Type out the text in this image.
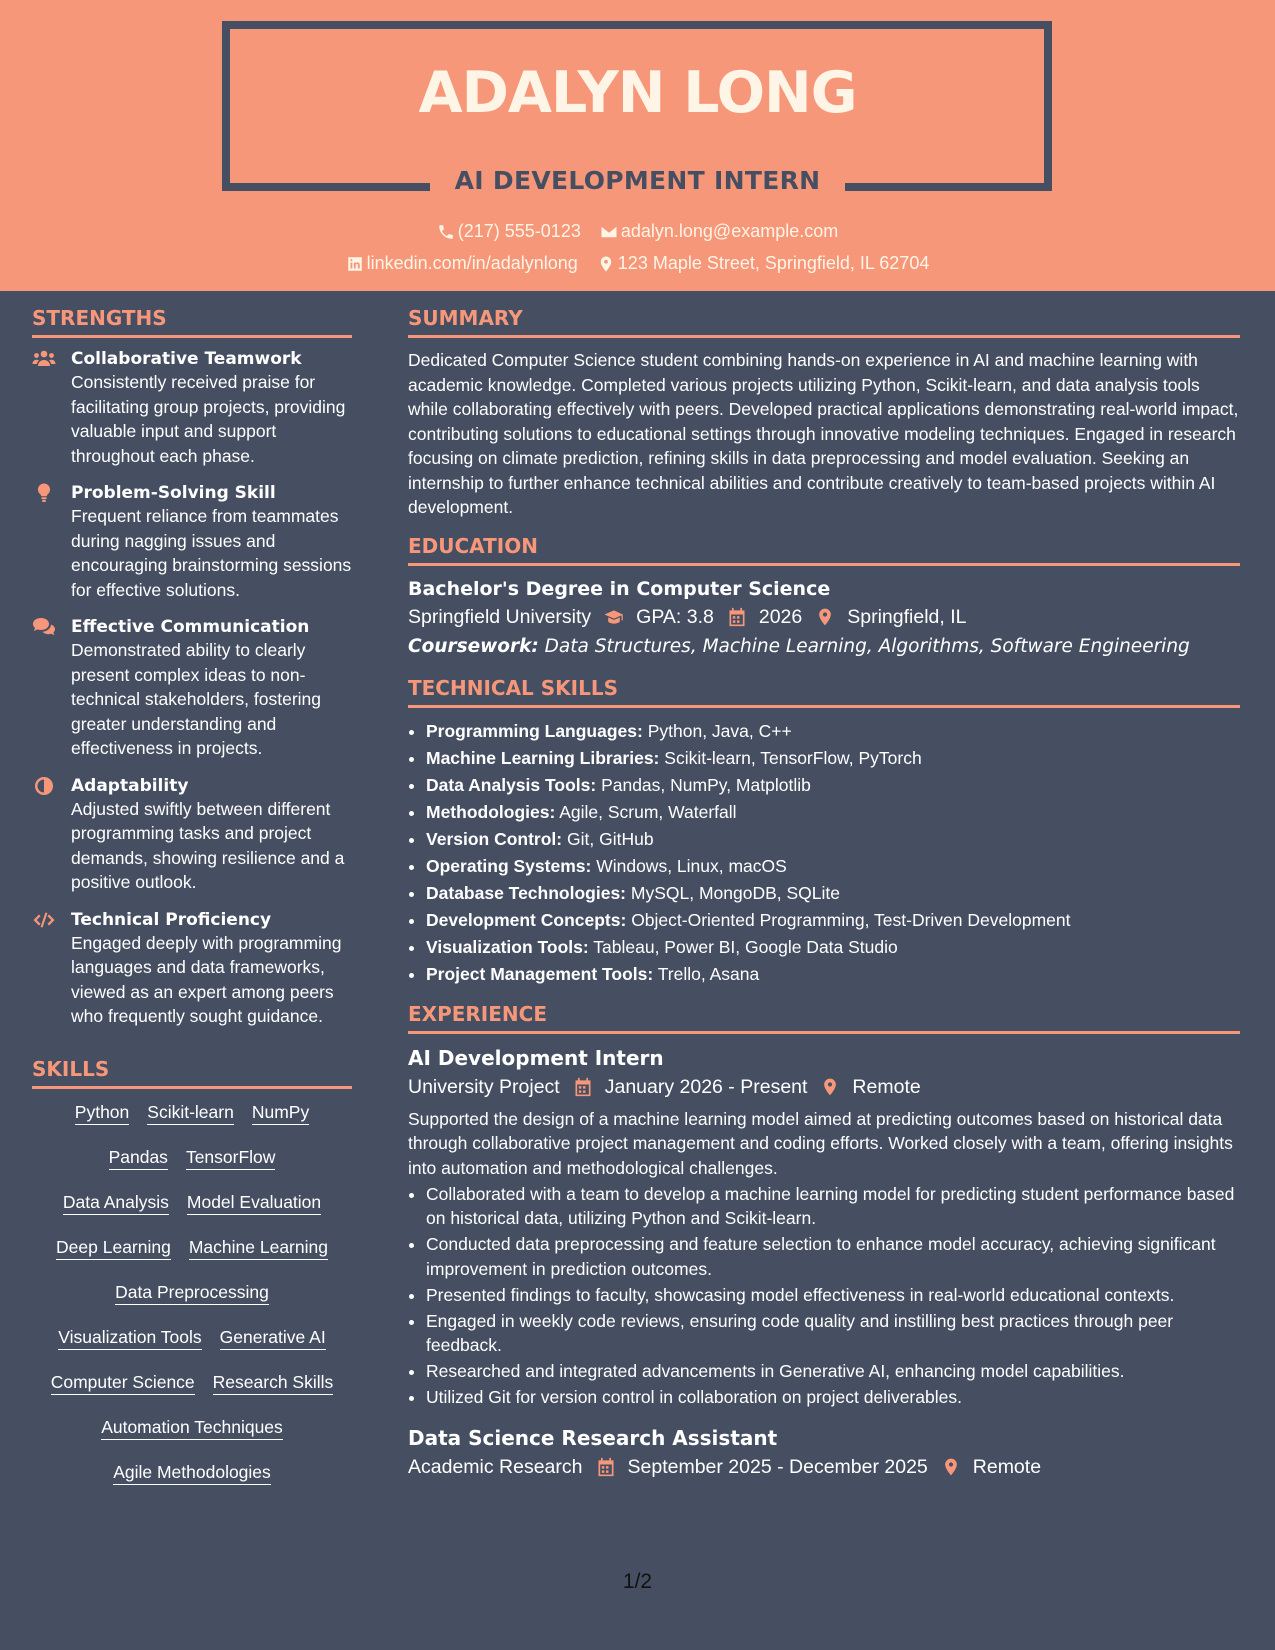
ADALYN LONG
AI DEVELOPMENT INTERN
(217) 555-0123
adalyn.long@example.com
linkedin.com/in/adalynlong
123 Maple Street, Springfield, IL 62704
STRENGTHS
Collaborative Teamwork
Consistently received praise for facilitating group projects, providing valuable input and support throughout each phase.
Problem-Solving Skill
Frequent reliance from teammates during nagging issues and encouraging brainstorming sessions for effective solutions.
Effective Communication
Demonstrated ability to clearly present complex ideas to non-technical stakeholders, fostering greater understanding and effectiveness in projects.
Adaptability
Adjusted swiftly between different programming tasks and project demands, showing resilience and a positive outlook.
Technical Proficiency
Engaged deeply with programming languages and data frameworks, viewed as an expert among peers who frequently sought guidance.
SKILLS
Python Scikit-learn NumPy
Pandas TensorFlow
Data Analysis Model Evaluation
Deep Learning Machine Learning
Data Preprocessing
Visualization Tools Generative AI
Computer Science Research Skills
Automation Techniques
Agile Methodologies
SUMMARY
Dedicated Computer Science student combining hands-on experience in AI and machine learning with academic knowledge. Completed various projects utilizing Python, Scikit-learn, and data analysis tools while collaborating effectively with peers. Developed practical applications demonstrating real-world impact, contributing solutions to educational settings through innovative modeling techniques. Engaged in research focusing on climate prediction, refining skills in data preprocessing and model evaluation. Seeking an internship to further enhance technical abilities and contribute creatively to team-based projects within AI development.
EDUCATION
Bachelor's Degree in Computer Science
Springfield University GPA: 3.8 2026 Springfield, IL
Coursework: Data Structures, Machine Learning, Algorithms, Software Engineering
TECHNICAL SKILLS
• Programming Languages: Python, Java, C++
• Machine Learning Libraries: Scikit-learn, TensorFlow, PyTorch
• Data Analysis Tools: Pandas, NumPy, Matplotlib
• Methodologies: Agile, Scrum, Waterfall
• Version Control: Git, GitHub
• Operating Systems: Windows, Linux, macOS
• Database Technologies: MySQL, MongoDB, SQLite
• Development Concepts: Object-Oriented Programming, Test-Driven Development
• Visualization Tools: Tableau, Power BI, Google Data Studio
• Project Management Tools: Trello, Asana
EXPERIENCE
AI Development Intern
University Project January 2026 - Present Remote
Supported the design of a machine learning model aimed at predicting outcomes based on historical data through collaborative project management and coding efforts. Worked closely with a team, offering insights into automation and methodological challenges.
• Collaborated with a team to develop a machine learning model for predicting student performance based on historical data, utilizing Python and Scikit-learn.
• Conducted data preprocessing and feature selection to enhance model accuracy, achieving significant improvement in prediction outcomes.
• Presented findings to faculty, showcasing model effectiveness in real-world educational contexts.
• Engaged in weekly code reviews, ensuring code quality and instilling best practices through peer feedback.
• Researched and integrated advancements in Generative AI, enhancing model capabilities.
• Utilized Git for version control in collaboration on project deliverables.
Data Science Research Assistant
Academic Research September 2025 - December 2025 Remote
1/2
